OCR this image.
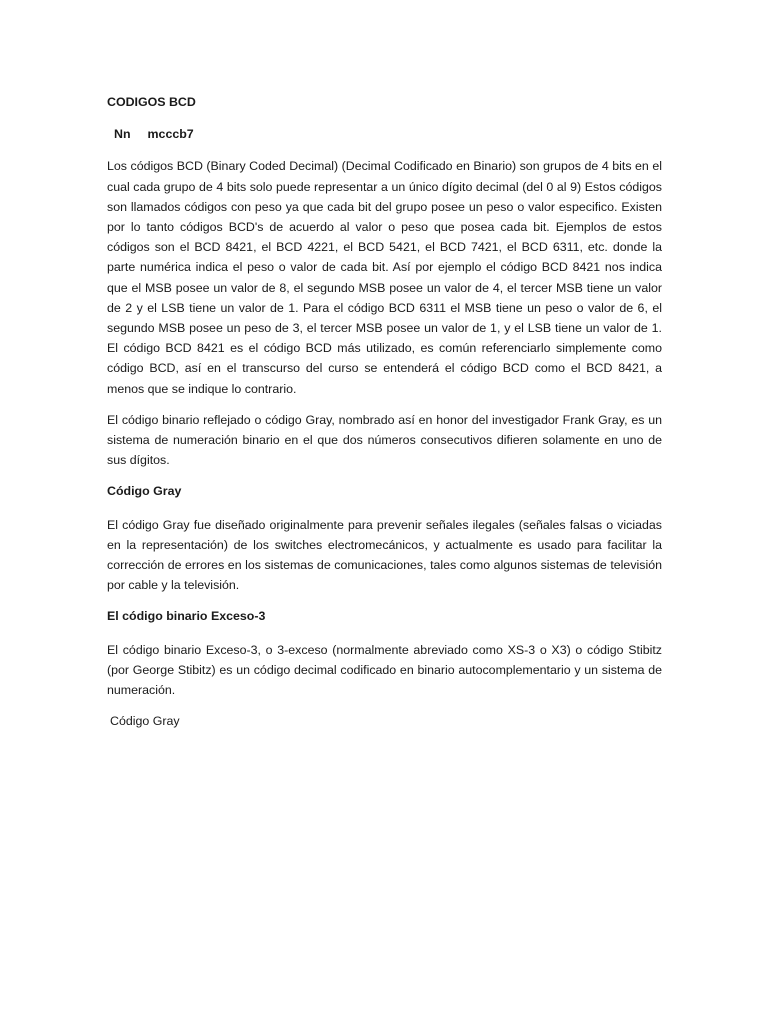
CODIGOS BCD
Nn mcccb7

Los códigos BCD (Binary Coded Decimal) (Decimal Codificado en Binario) son grupos de 4 bits en el cual cada grupo de 4 bits solo puede representar a un único dígito decimal (del 0 al 9) Estos códigos son llamados códigos con peso ya que cada bit del grupo posee un peso o valor especifico. Existen por lo tanto códigos BCD's de acuerdo al valor o peso que posea cada bit. Ejemplos de estos códigos son el BCD 8421, el BCD 4221, el BCD 5421, el BCD 7421, el BCD 6311, etc. donde la parte numérica indica el peso o valor de cada bit. Así por ejemplo el código BCD 8421 nos indica que el MSB posee un valor de 8, el segundo MSB posee un valor de 4, el tercer MSB tiene un valor de 2 y el LSB tiene un valor de 1. Para el código BCD 6311 el MSB tiene un peso o valor de 6, el segundo MSB posee un peso de 3, el tercer MSB posee un valor de 1, y el LSB tiene un valor de 1. El código BCD 8421 es el código BCD más utilizado, es común referenciarlo simplemente como código BCD, así en el transcurso del curso se entenderá el código BCD como el BCD 8421, a menos que se indique lo contrario.

El código binario reflejado o código Gray, nombrado así en honor del investigador Frank Gray, es un sistema de numeración binario en el que dos números consecutivos difieren solamente en uno de sus dígitos.

Código Gray

El código Gray fue diseñado originalmente para prevenir señales ilegales (señales falsas o viciadas en la representación) de los switches electromecánicos, y actualmente es usado para facilitar la corrección de errores en los sistemas de comunicaciones, tales como algunos sistemas de televisión por cable y la televisión.

El código binario Exceso-3

El código binario Exceso-3, o 3-exceso (normalmente abreviado como XS-3 o X3) o código Stibitz (por George Stibitz) es un código decimal codificado en binario autocomplementario y un sistema de numeración.

Código Gray
